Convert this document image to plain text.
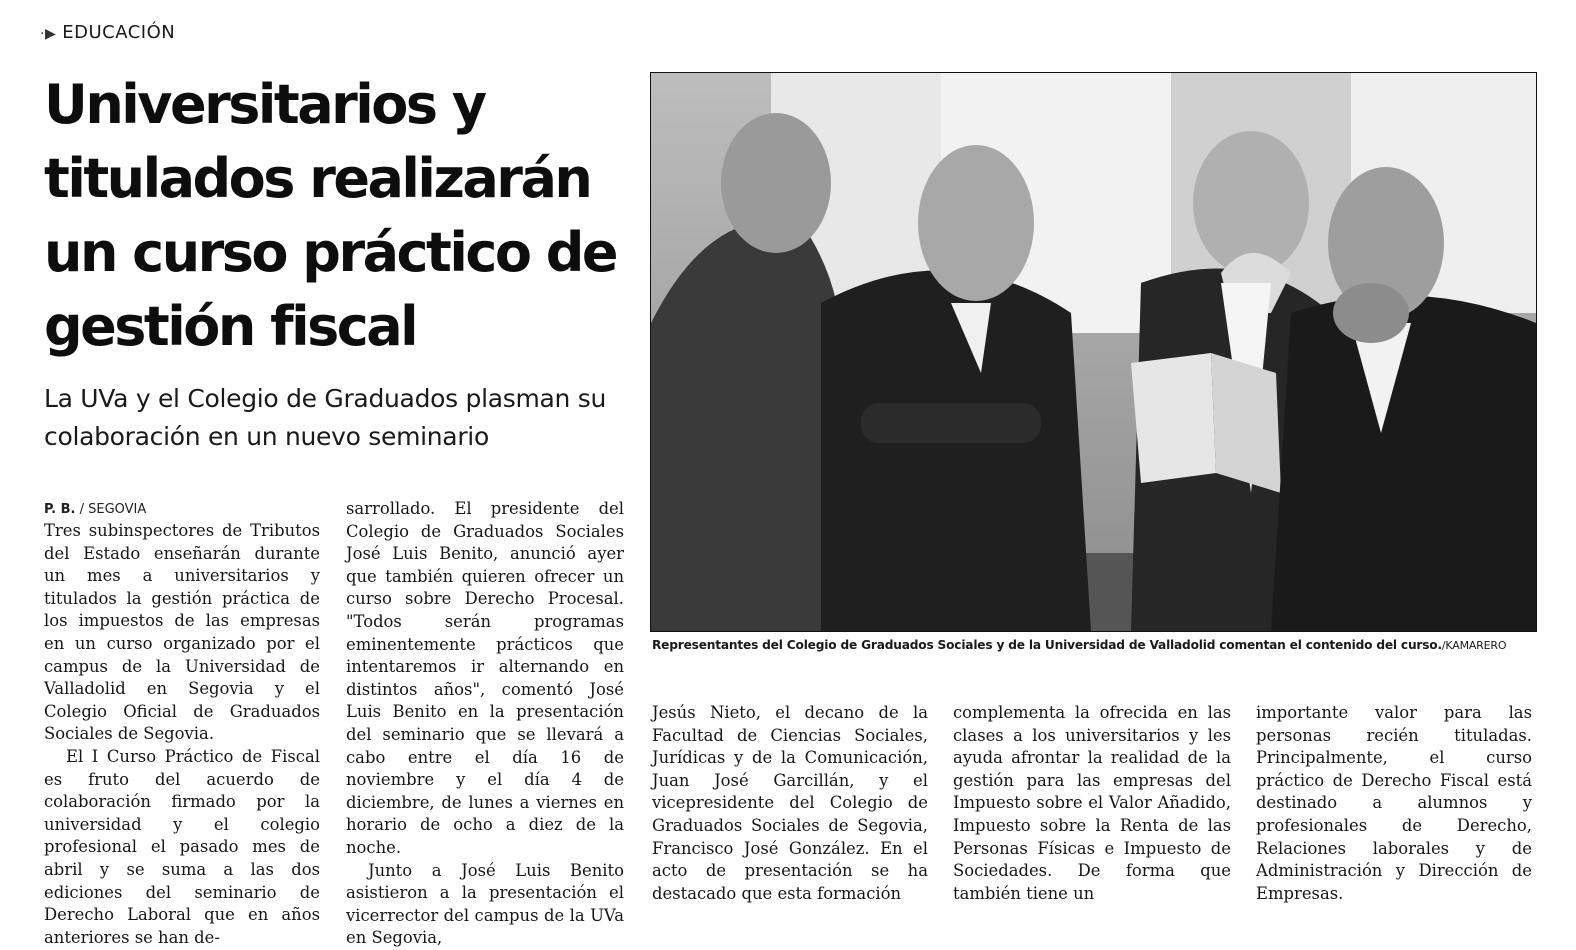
·▶ EDUCACIÓN
Universitarios y titulados realizarán un curso práctico de gestión fiscal

La UVa y el Colegio de Graduados plasman su colaboración en un nuevo seminario

P. B. / SEGOVIA

Tres subinspectores de Tributos del Estado enseñarán durante un mes a universitarios y titulados la gestión práctica de los impuestos de las empresas en un curso organizado por el campus de la Universidad de Valladolid en Segovia y el Colegio Oficial de Graduados Sociales de Segovia.

El I Curso Práctico de Fiscal es fruto del acuerdo de colaboración firmado por la universidad y el colegio profesional el pasado mes de abril y se suma a las dos ediciones del seminario de Derecho Laboral que en años anteriores se han de-

sarrollado. El presidente del Colegio de Graduados Sociales José Luis Benito, anunció ayer que también quieren ofrecer un curso sobre Derecho Procesal. "Todos serán programas eminentemente prácticos que intentaremos ir alternando en distintos años", comentó José Luis Benito en la presentación del seminario que se llevará a cabo entre el día 16 de noviembre y el día 4 de diciembre, de lunes a viernes en horario de ocho a diez de la noche.

Junto a José Luis Benito asistieron a la presentación el vicerrector del campus de la UVa en Segovia,

Representantes del Colegio de Graduados Sociales y de la Universidad de Valladolid comentan el contenido del curso./KAMARERO

Jesús Nieto, el decano de la Facultad de Ciencias Sociales, Jurídicas y de la Comunicación, Juan José Garcillán, y el vicepresidente del Colegio de Graduados Sociales de Segovia, Francisco José González. En el acto de presentación se ha destacado que esta formación

complementa la ofrecida en las clases a los universitarios y les ayuda afrontar la realidad de la gestión para las empresas del Impuesto sobre el Valor Añadido, Impuesto sobre la Renta de las Personas Físicas e Impuesto de Sociedades. De forma que también tiene un

importante valor para las personas recién tituladas. Principalmente, el curso práctico de Derecho Fiscal está destinado a alumnos y profesionales de Derecho, Relaciones laborales y de Administración y Dirección de Empresas.
